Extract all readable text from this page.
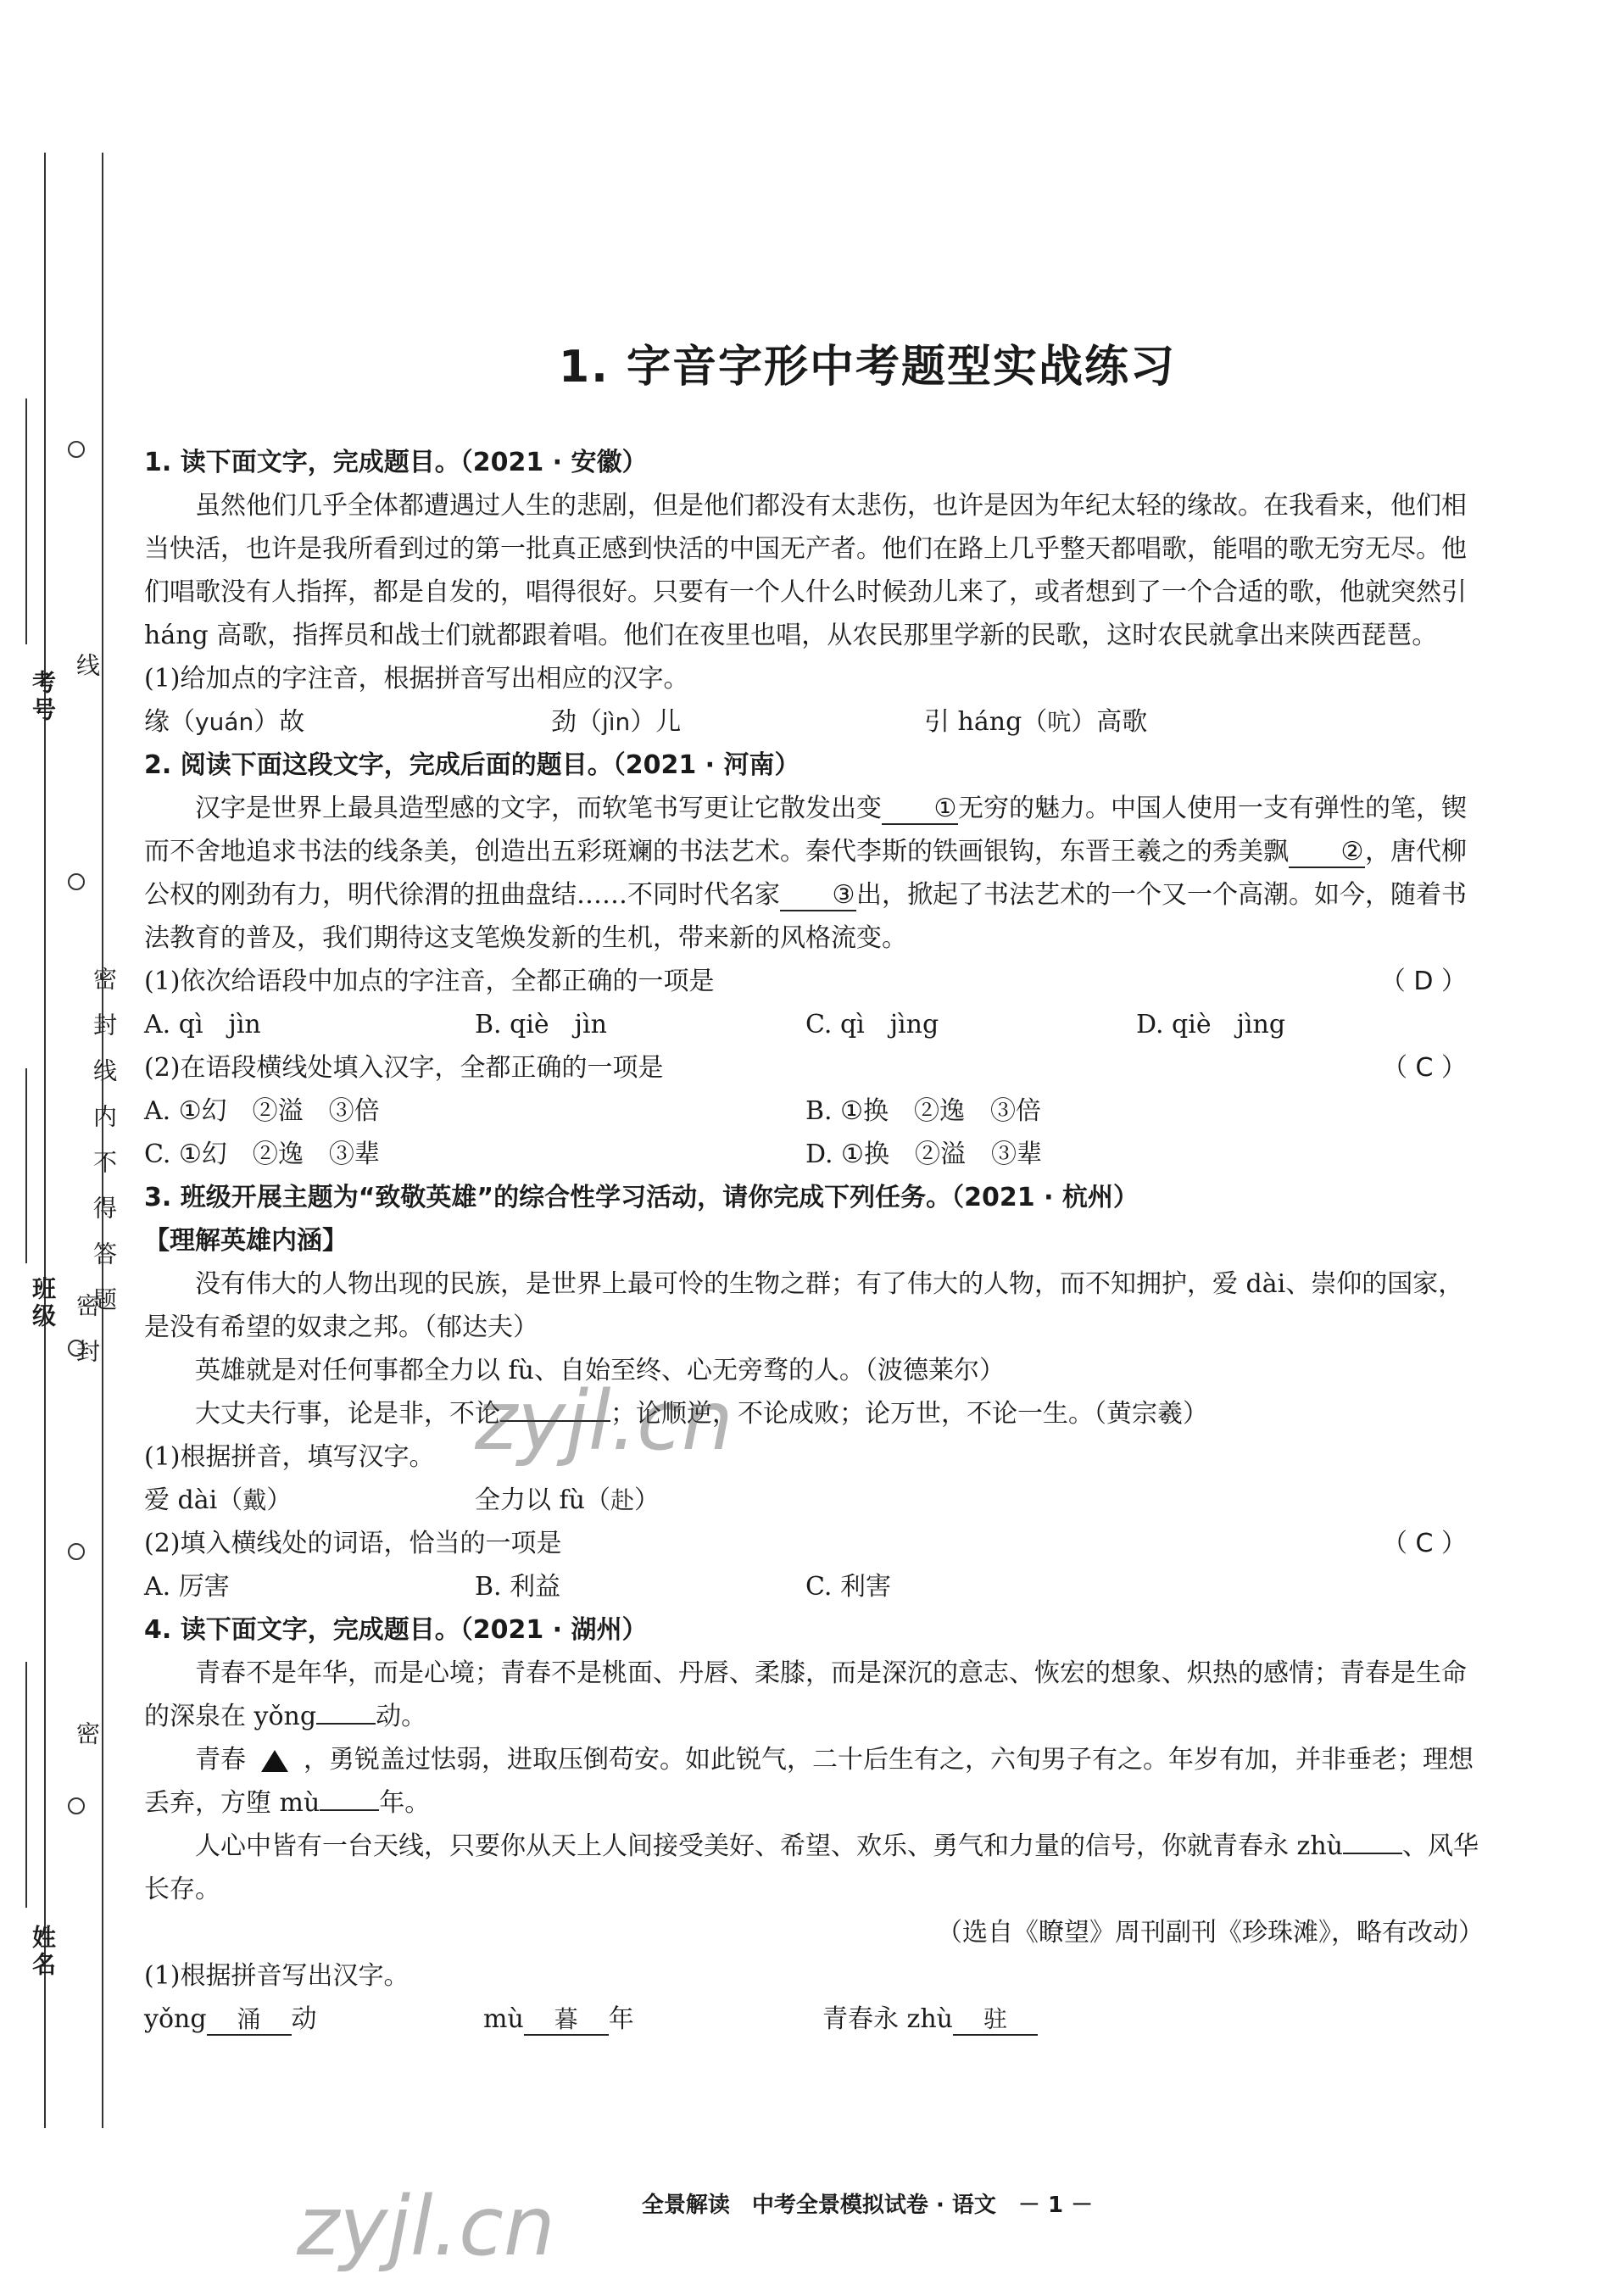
考号
班级
姓名
线
密封线内不得答题
密封
密
1. 字音字形中考题型实战练习

1. 读下面文字，完成题目。（2021 · 安徽）

虽然他们几乎全体都遭遇过人生的悲剧，但是他们都没有太悲伤，也许是因为年纪太轻的缘故。在我看来，他们相当快活，也许是我所看到过的第一批真正感到快活的中国无产者。他们在路上几乎整天都唱歌，能唱的歌无穷无尽。他们唱歌没有人指挥，都是自发的，唱得很好。只要有一个人什么时候劲儿来了，或者想到了一个合适的歌，他就突然引 háng 高歌，指挥员和战士们就都跟着唱。他们在夜里也唱，从农民那里学新的民歌，这时农民就拿出来陕西琵琶。

(1)给加点的字注音，根据拼音写出相应的汉字。

缘（yuán）故	劲（jìn）儿	引 háng（吭）高歌

2. 阅读下面这段文字，完成后面的题目。（2021 · 河南）

汉字是世界上最具造型感的文字，而软笔书写更让它散发出变 ①无穷的魅力。中国人使用一支有弹性的笔，锲而不舍地追求书法的线条美，创造出五彩斑斓的书法艺术。秦代李斯的铁画银钩，东晋王羲之的秀美飘 ②，唐代柳公权的刚劲有力，明代徐渭的扭曲盘结……不同时代名家 ③出，掀起了书法艺术的一个又一个高潮。如今，随着书法教育的普及，我们期待这支笔焕发新的生机，带来新的风格流变。

(1)依次给语段中加点的字注音，全都正确的一项是	（ D ）

A. qì　jìn	B. qiè　jìn	C. qì　jìng	D. qiè　jìng

(2)在语段横线处填入汉字，全都正确的一项是	（ C ）

A. ①幻　②溢　③倍	B. ①换　②逸　③倍
C. ①幻　②逸　③辈	D. ①换　②溢　③辈

3. 班级开展主题为“致敬英雄”的综合性学习活动，请你完成下列任务。（2021 · 杭州）

【理解英雄内涵】

没有伟大的人物出现的民族，是世界上最可怜的生物之群；有了伟大的人物，而不知拥护，爱 dài、崇仰的国家，是没有希望的奴隶之邦。（郁达夫）

英雄就是对任何事都全力以 fù、自始至终、心无旁骛的人。（波德莱尔）

大丈夫行事，论是非，不论	；论顺逆，不论成败；论万世，不论一生。（黄宗羲）

(1)根据拼音，填写汉字。

爱 dài（戴）	全力以 fù（赴）

(2)填入横线处的词语，恰当的一项是	（ C ）

A. 厉害	B. 利益	C. 利害

4. 读下面文字，完成题目。（2021 · 湖州）

青春不是年华，而是心境；青春不是桃面、丹唇、柔膝，而是深沉的意志、恢宏的想象、炽热的感情；青春是生命的深泉在 yǒng 动。

青春 ，勇锐盖过怯弱，进取压倒苟安。如此锐气，二十后生有之，六旬男子有之。年岁有加，并非垂老；理想丢弃，方堕 mù 年。

人心中皆有一台天线，只要你从天上人间接受美好、希望、欢乐、勇气和力量的信号，你就青春永 zhù 、风华长存。

（选自《瞭望》周刊副刊《珍珠滩》，略有改动）

(1)根据拼音写出汉字。

yǒng 涌 动	mù 暮 年	青春永 zhù 驻
zyjl.cn
zyjl.cn	全景解读　中考全景模拟试卷 · 语文　－ 1 －
